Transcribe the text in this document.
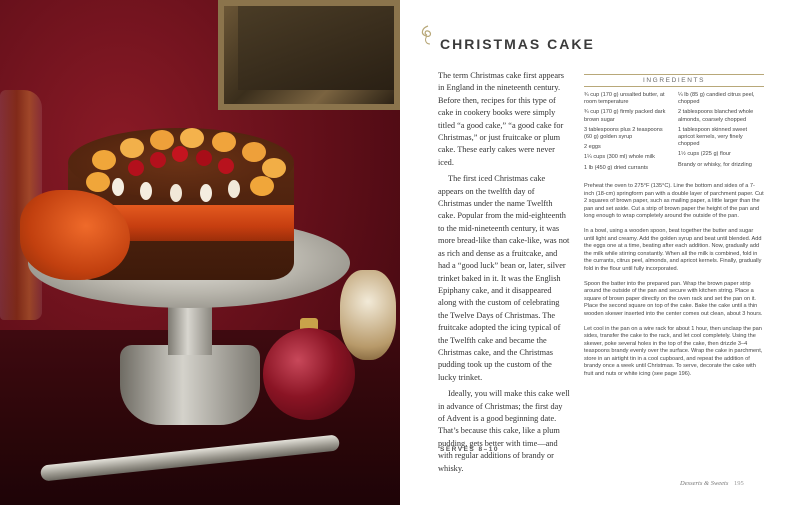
CHRISTMAS CAKE

The term Christmas cake first appears in England in the nineteenth century. Before then, recipes for this type of cake in cookery books were simply titled “a good cake,” “a good cake for Christmas,” or just fruitcake or plum cake. These early cakes were never iced.

The first iced Christmas cake appears on the twelfth day of Christmas under the name Twelfth cake. Popular from the mid-eighteenth to the mid-nineteenth century, it was more bread-like than cake-like, was not as rich and dense as a fruitcake, and had a “good luck” bean or, later, silver trinket baked in it. It was the English Epiphany cake, and it disappeared along with the custom of celebrating the Twelve Days of Christmas. The fruitcake adopted the icing typical of the Twelfth cake and became the Christmas cake, and the Christmas pudding took up the custom of the lucky trinket.

Ideally, you will make this cake well in advance of Christmas; the first day of Advent is a good beginning date. That’s because this cake, like a plum pudding, gets better with time—and with regular additions of brandy or whisky.

SERVES 8–10
INGREDIENTS
¾ cup (170 g) unsalted butter, at room temperature
¾ cup (170 g) firmly packed dark brown sugar
3 tablespoons plus 2 teaspoons (60 g) golden syrup
2 eggs
1¼ cups (300 ml) whole milk
1 lb (450 g) dried currants
¼ lb (85 g) candied citrus peel, chopped
2 tablespoons blanched whole almonds, coarsely chopped
1 tablespoon skinned sweet apricot kernels, very finely chopped
1½ cups (225 g) flour
Brandy or whisky, for drizzling

Preheat the oven to 275°F (135°C). Line the bottom and sides of a 7-inch (18-cm) springform pan with a double layer of parchment paper. Cut 2 squares of brown paper, such as mailing paper, a little larger than the pan and set aside. Cut a strip of brown paper the height of the pan and long enough to wrap completely around the outside of the pan.

In a bowl, using a wooden spoon, beat together the butter and sugar until light and creamy. Add the golden syrup and beat until blended. Add the eggs one at a time, beating after each addition. Now, gradually add the milk while stirring constantly. When all the milk is combined, fold in the currants, citrus peel, almonds, and apricot kernels. Finally, gradually fold in the flour until fully incorporated.

Spoon the batter into the prepared pan. Wrap the brown paper strip around the outside of the pan and secure with kitchen string. Place a square of brown paper directly on the oven rack and set the pan on it. Place the second square on top of the cake. Bake the cake until a thin wooden skewer inserted into the center comes out clean, about 3 hours.

Let cool in the pan on a wire rack for about 1 hour, then unclasp the pan sides, transfer the cake to the rack, and let cool completely. Using the skewer, poke several holes in the top of the cake, then drizzle 3–4 teaspoons brandy evenly over the surface. Wrap the cake in parchment, store in an airtight tin in a cool cupboard, and repeat the addition of brandy once a week until Christmas. To serve, decorate the cake with fruit and nuts or white icing (see page 196).

Desserts & Sweets 195
